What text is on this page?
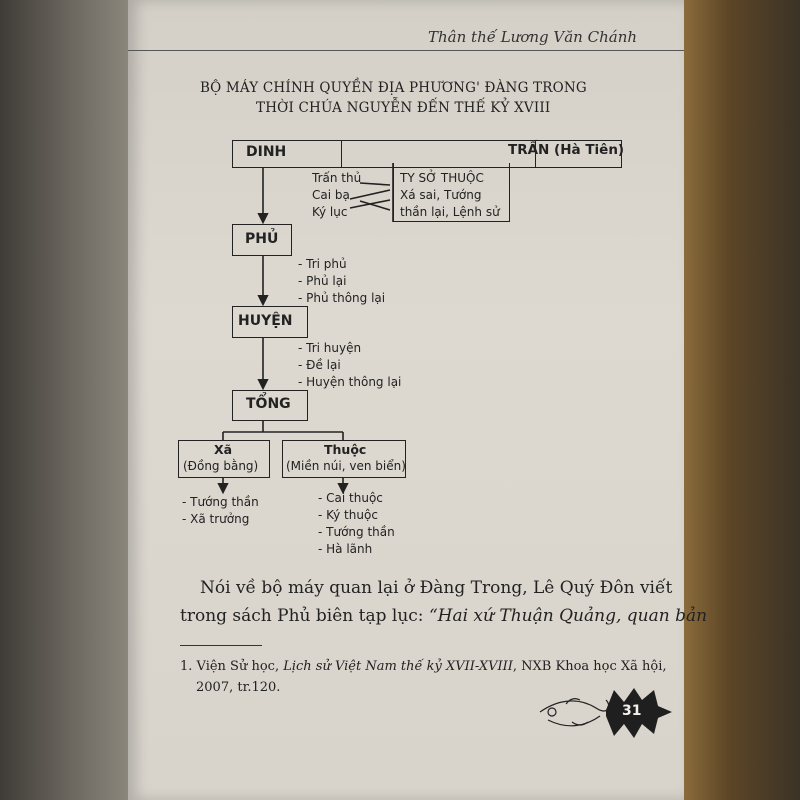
Thân thế Lương Văn Chánh
BỘ MÁY CHÍNH QUYỀN ĐỊA PHƯƠNG' ĐÀNG TRONG
THỜI CHÚA NGUYỄN ĐẾN THẾ KỶ XVIII
DINH	TRẤN (Hà Tiên)
Trấn thủ
Cai bạ
Ký lục
TY SỞ THUỘC
Xá sai, Tướng
thần lại, Lệnh sử
PHỦ
- Tri phủ
- Phủ lại
- Phủ thông lại
HUYỆN
- Tri huyện
- Đề lại
- Huyện thông lại
TỔNG
Xã
(Đồng bằng)
- Tướng thần
- Xã trưởng
Thuộc
(Miền núi, ven biển)
- Cai thuộc
- Ký thuộc
- Tướng thần
- Hà lãnh
Nói về bộ máy quan lại ở Đàng Trong, Lê Quý Đôn viết
trong sách Phủ biên tạp lục: “Hai xứ Thuận Quảng, quan bản
1. Viện Sử học, Lịch sử Việt Nam thế kỷ XVII-XVIII, NXB Khoa học Xã hội,
2007, tr.120.
31
